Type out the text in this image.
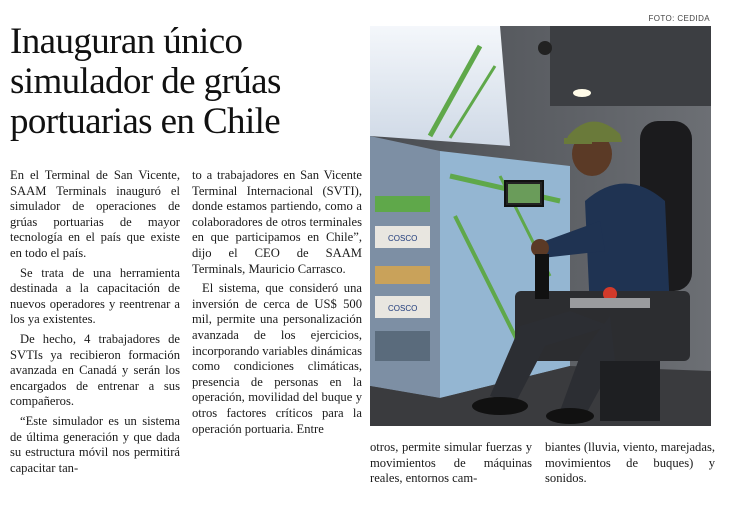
FOTO: CEDIDA
Inauguran único simulador de grúas portuarias en Chile

En el Terminal de San Vicente, SAAM Terminals inauguró el simulador de operaciones de grúas portuarias de mayor tecnología en el país que existe en todo el país.

Se trata de una herramienta destinada a la capacitación de nuevos operadores y reentrenar a los ya existentes.

De hecho, 4 trabajadores de SVTIs ya recibieron formación avanzada en Canadá y serán los encargados de entrenar a sus compañeros.

“Este simulador es un sistema de última generación y que dada su estructura móvil nos permitirá capacitar tan-

to a trabajadores en San Vicente Terminal Internacional (SVTI), donde estamos partiendo, como a colaboradores de otros terminales en que participamos en Chile”, dijo el CEO de SAAM Terminals, Mauricio Carrasco.

El sistema, que consideró una inversión de cerca de US$ 500 mil, permite una personalización avanzada de los ejercicios, incorporando variables dinámicas como condiciones climáticas, presencia de personas en la operación, movilidad del buque y otros factores críticos para la operación portuaria. Entre

COSCO
COSCO

otros, permite simular fuerzas y movimientos de máquinas reales, entornos cam-

biantes (lluvia, viento, marejadas, movimientos de buques) y sonidos.
